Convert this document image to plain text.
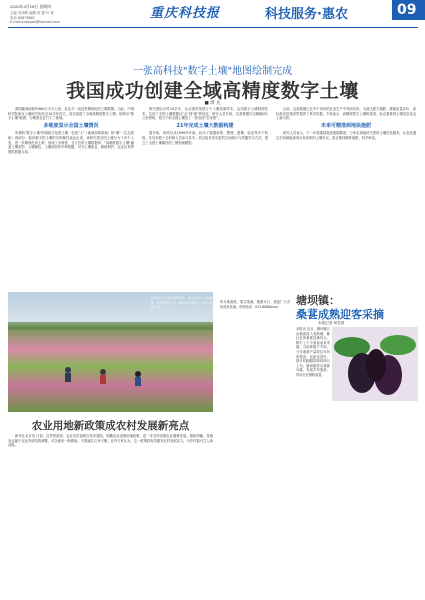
2020年4月16日 星期四
主编 苏伟利 编辑 田 霞 叶 青
电话 62876862
E-mail:caijiqiao@foxmail.com
重庆科技报	科技服务·惠农	09
一张高科技"数字土壤"地图绘制完成
我国成功创建全域高精度数字土壤
■ 周 凡

我国地域面积有960万平方公里，但迄今一直没有精细化的土壤数据。为此，中国科学院南京土壤研究所经过10多年攻关，成功创建了全域高精度数字土壤，绘制出"数字土壤"地图，为精准农业打下了基础。

多维度显示全国土壤情况

所谓的"数字土壤"即指数字化的土壤，包括"土"（地域剖面系统）和"壤"（生态系统）两部分，能用数字把土壤的各种属性表达出来。该研究将全国土壤分为十多个土类，进一步精细化到土种，形成了多维度、全方位的土壤数据库。"高精度数字土壤"涵盖土壤类型、土壤属性、土壤剖面等多种数据，可为土壤改良、耕地保护、农业区划等提供数据支持。

研究团队历时10多年，从全国采集数万个土壤剖面样本，运用数字土壤制图技术，实现了全国土壤数据从"点"到"面"的转变。研究人员介绍，这套数据可以精确到1公里网格，相当于给全国土壤拍了一张高清"全身照"。

21年完成土壤大数据构建

据介绍，该项目从1999年开始，经历了数据收集、整理、建模、验证等多个阶段，先后有数十名科研人员参与其中。项目组采用先进的空间统计与机器学习方法，建立了全国土壤属性的三维预测模型。

目前，这套数据已在多个省份的农业生产中得到应用，为测土配方施肥、耕地质量评价、高标准农田建设等提供了科学依据。专家表示，高精度数字土壤的建成，标志着我国土壤信息化迈上新台阶。

未来可精准到地块施肥

研究人员表示，下一步将继续提高数据精度，力争实现地块尺度的土壤信息服务，让农民通过手机就能查询自家田块的土壤状况，真正做到精准施肥、科学种田。

各地村民正在田间劳作，推进农村土地流转，发展特色产业，助力乡村振兴。 图 / 本报记者
农业用地新政策成农村发展新亮点

新华社北京电 日前，自然资源部、农业农村部联合发布通知，明确农业设施用地政策，进一步支持设施农业健康发展。通知明确，设施农业属于农业内部结构调整，可以使用一般耕地，不需落实占补平衡。业内专家认为，这一政策将有效激发农村发展活力，为乡村振兴注入新动能。

四月桑葚熟，果实饱满，酸甜可口，欢迎广大市民前来采摘。咨询电话：023-6888xxxx	塘坝镇：
桑葚成熟迎客采摘
本报记者 何雪林

本报讯 近日，塘坝镇万亩桑葚进入成熟期，紫红色的桑葚挂满枝头，吸引了不少游客前来采摘。当地种植户介绍，今年桑葚产量较往年有所提高，品质也更好，预计采摘期将持续到5月上旬。塘坝镇将以桑葚为媒，发展乡村旅游，带动农民增收致富。
